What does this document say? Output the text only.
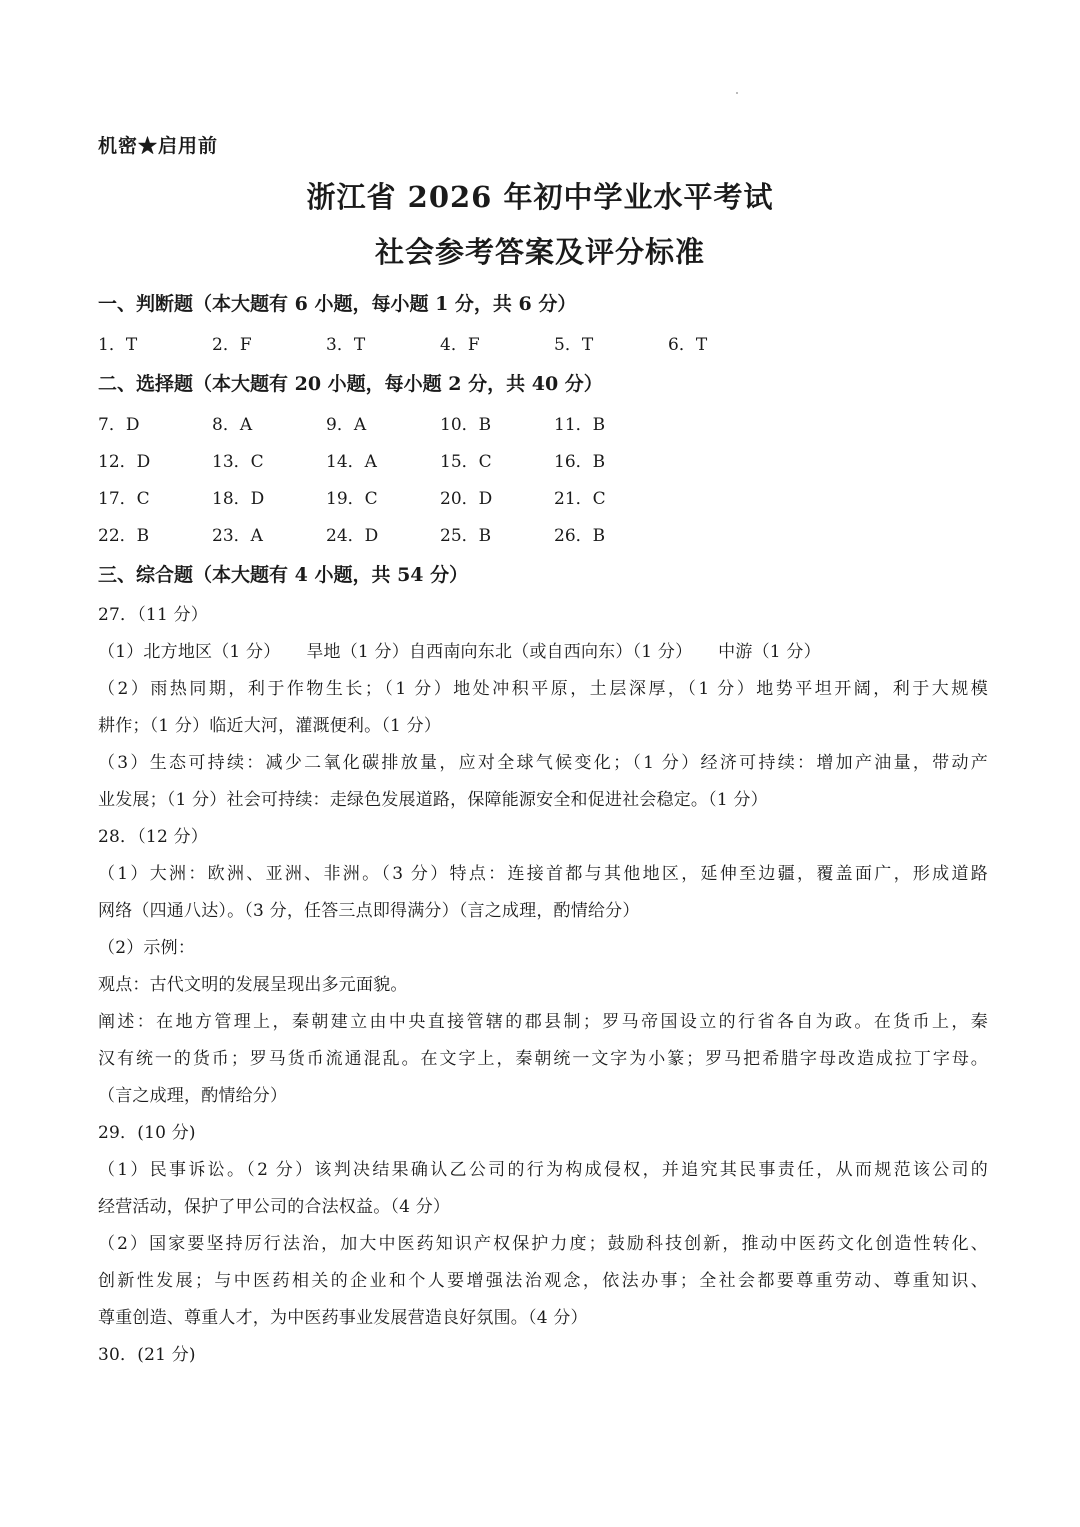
机密★启用前
浙江省 2026 年初中学业水平考试
社会参考答案及评分标准
一、判断题（本大题有 6 小题，每小题 1 分，共 6 分）
1．T	2．F	3．T	4．F	5．T	6．T
二、选择题（本大题有 20 小题，每小题 2 分，共 40 分）
7．D	8．A	9．A	10．B	11．B
12．D	13．C	14．A	15．C	16．B
17．C	18．D	19．C	20．D	21．C
22．B	23．A	24．D	25．B	26．B
三、综合题（本大题有 4 小题，共 54 分）
27．（11 分）
（1）北方地区（1 分）　　旱地（1 分）自西南向东北（或自西向东）（1 分）　　中游（1 分）
（2）雨热同期，利于作物生长；（1 分）地处冲积平原，土层深厚，（1 分）地势平坦开阔，利于大规模
耕作；（1 分）临近大河，灌溉便利。（1 分）
（3）生态可持续：减少二氧化碳排放量，应对全球气候变化；（1 分）经济可持续：增加产油量，带动产
业发展；（1 分）社会可持续：走绿色发展道路，保障能源安全和促进社会稳定。（1 分）
28．（12 分）
（1）大洲：欧洲、亚洲、非洲。（3 分）特点：连接首都与其他地区，延伸至边疆，覆盖面广，形成道路
网络（四通八达）。（3 分，任答三点即得满分）（言之成理，酌情给分）
（2）示例：
观点：古代文明的发展呈现出多元面貌。
阐述：在地方管理上，秦朝建立由中央直接管辖的郡县制；罗马帝国设立的行省各自为政。在货币上，秦
汉有统一的货币；罗马货币流通混乱。在文字上，秦朝统一文字为小篆；罗马把希腊字母改造成拉丁字母。
（言之成理，酌情给分）
29．(10 分)
（1）民事诉讼。（2 分）该判决结果确认乙公司的行为构成侵权，并追究其民事责任，从而规范该公司的
经营活动，保护了甲公司的合法权益。（4 分）
（2）国家要坚持厉行法治，加大中医药知识产权保护力度；鼓励科技创新，推动中医药文化创造性转化、
创新性发展；与中医药相关的企业和个人要增强法治观念，依法办事；全社会都要尊重劳动、尊重知识、
尊重创造、尊重人才，为中医药事业发展营造良好氛围。（4 分）
30．(21 分)
